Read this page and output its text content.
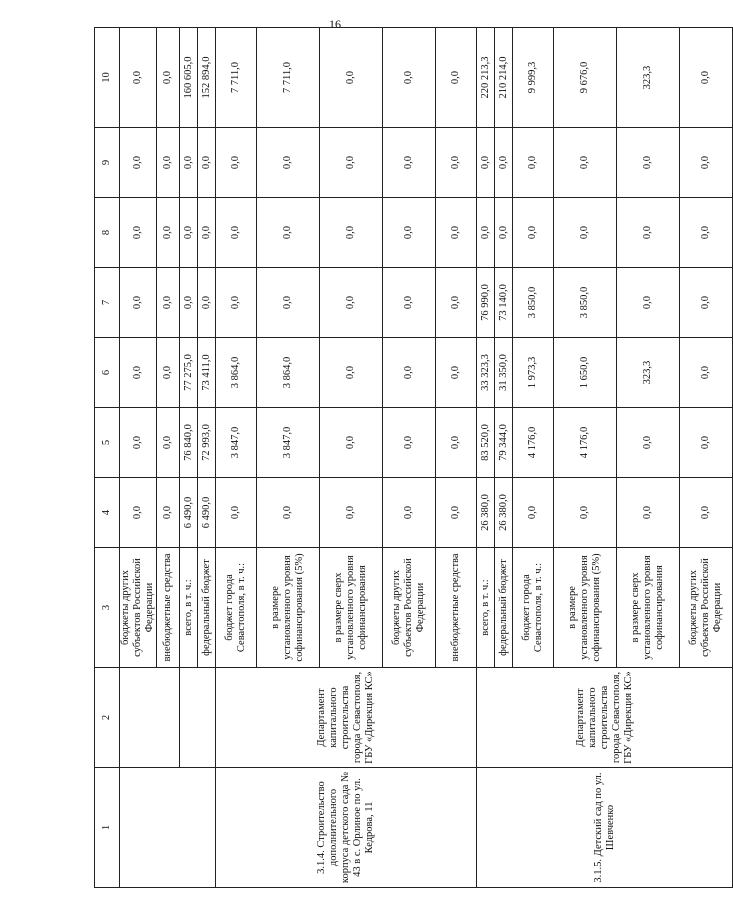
16
1	2	3	4	5	6	7	8	9	10
		бюджеты других субъектов Российской Федерации	0,0	0,0	0,0	0,0	0,0	0,0	0,0
		внебюджетные средства	0,0	0,0	0,0	0,0	0,0	0,0	0,0
		всего, в т. ч.:	6 490,0	76 840,0	77 275,0	0,0	0,0	0,0	160 605,0
		федеральный бюджет	6 490,0	72 993,0	73 411,0	0,0	0,0	0,0	152 894,0
3.1.4. Строительство дополнительного корпуса детского сада № 43 в с. Орлиное по ул. Кедрова, 11	Департамент капитального строительства города Севастополя, ГБУ «Дирекция КС»	бюджет города Севастополя, в т. ч.:	0,0	3 847,0	3 864,0	0,0	0,0	0,0	7 711,0
		в размере установленного уровня софинансирования (5%)	0,0	3 847,0	3 864,0	0,0	0,0	0,0	7 711,0
		в размере сверх установленного уровня софинансирования	0,0	0,0	0,0	0,0	0,0	0,0	0,0
		бюджеты других субъектов Российской Федерации	0,0	0,0	0,0	0,0	0,0	0,0	0,0
		внебюджетные средства	0,0	0,0	0,0	0,0	0,0	0,0	0,0
3.1.5. Детский сад по ул. Шевченко	Департамент капитального строительства города Севастополя, ГБУ «Дирекция КС»	всего, в т. ч.:	26 380,0	83 520,0	33 323,3	76 990,0	0,0	0,0	220 213,3
		федеральный бюджет	26 380,0	79 344,0	31 350,0	73 140,0	0,0	0,0	210 214,0
		бюджет города Севастополя, в т. ч.:	0,0	4 176,0	1 973,3	3 850,0	0,0	0,0	9 999,3
		в размере установленного уровня софинансирования (5%)	0,0	4 176,0	1 650,0	3 850,0	0,0	0,0	9 676,0
		в размере сверх установленного уровня софинансирования	0,0	0,0	323,3	0,0	0,0	0,0	323,3
		бюджеты других субъектов Российской Федерации	0,0	0,0	0,0	0,0	0,0	0,0	0,0
